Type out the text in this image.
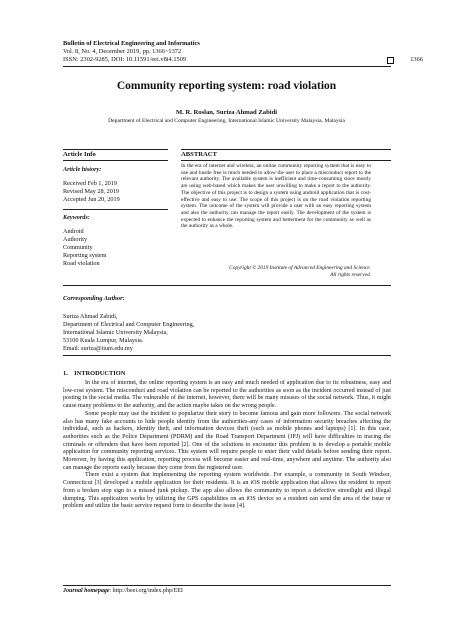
Bulletin of Electrical Engineering and Informatics
Vol. 8, No. 4, December 2019, pp. 1366~1372
ISSN: 2302-9285, DOI: 10.11591/eei.v8i4.1509	1366
Community reporting system: road violation
M. R. Roslan, Suriza Ahmad Zabidi
Department of Electrical and Computer Engineering, International Islamic University Malaysia, Malaysia
Article Info	ABSTRACT
Article history:
Received Feb 1, 2019
Revised May 28, 2019
Accepted Jun 20, 2019
Keywords:
Android
Authority
Community
Reporting system
Road violation
In the era of internet and wireless, an online community reporting system that is easy to use and hustle free is much needed to allow the user to place a misconduct report to the relevant authority. The available system is inefficient and time-consuming since mostly are using web-based which makes the user unwilling to make a report to the authority. The objective of this project is to design a system using android application that is cost-effective and easy to use. The scope of this project is on the road violation reporting system. The outcome of the system will provide a user with an easy reporting system and also the authority can manage the report easily. The development of the system is expected to enhance the reporting system and betterment for the community as well as the authority as a whole.
Copyright © 2019 Institute of Advanced Engineering and Science.
All rights reserved.
Corresponding Author:
Suriza Ahmad Zabidi,
Department of Electrical and Computer Engineering,
International Islamic University Malaysia,
53100 Kuala Lumpur, Malaysia.
Email: suriza@iium.edu.my
1.    INTRODUCTION

In the era of internet, the online reporting system is an easy and much needed of application due to its robustness, easy and low-cost system. The misconduct and road violation can be reported to the authorities as soon as the incident occurred instead of just posting in the social media. The vulnerable of the internet, however, there will be many misuses of the social network. Thus, it might cause many problems to the authority, and the action maybe takes on the wrong people.

Some people may use the incident to popularize their story to become famous and gain more followers. The social network also has many fake accounts to hide people identity from the authorities-any cases of information security breaches affecting the individual, such as hackers, identity theft, and information devices theft (such as mobile phones and laptops) [1]. In this case, authorities such as the Police Department (PDRM) and the Road Transport Department (JPJ) will have difficulties in tracing the criminals or offenders that have been reported [2]. One of the solutions to encounter this problem is to develop a portable mobile application for community reporting services. This system will require people to enter their valid details before sending their report. Moreover, by having this application, reporting process will become easier and real-time, anywhere and anytime. The authority also can manage the reports easily because they come from the registered user.

There exist a system that implementing the reporting system worldwide. For example, a community in South Windsor, Connecticut [3] developed a mobile application for their residents. It is an iOS mobile application that allows the resident to report from a broken stop sign to a missed junk pickup. The app also allows the community to report a defective streetlight and illegal dumping. This application works by utilizing the GPS capabilities on an iOS device so a resident can send the area of the issue or problem and utilize the basic service request form to describe the issue [4].

Journal homepage: http://beei.org/index.php/EEI
